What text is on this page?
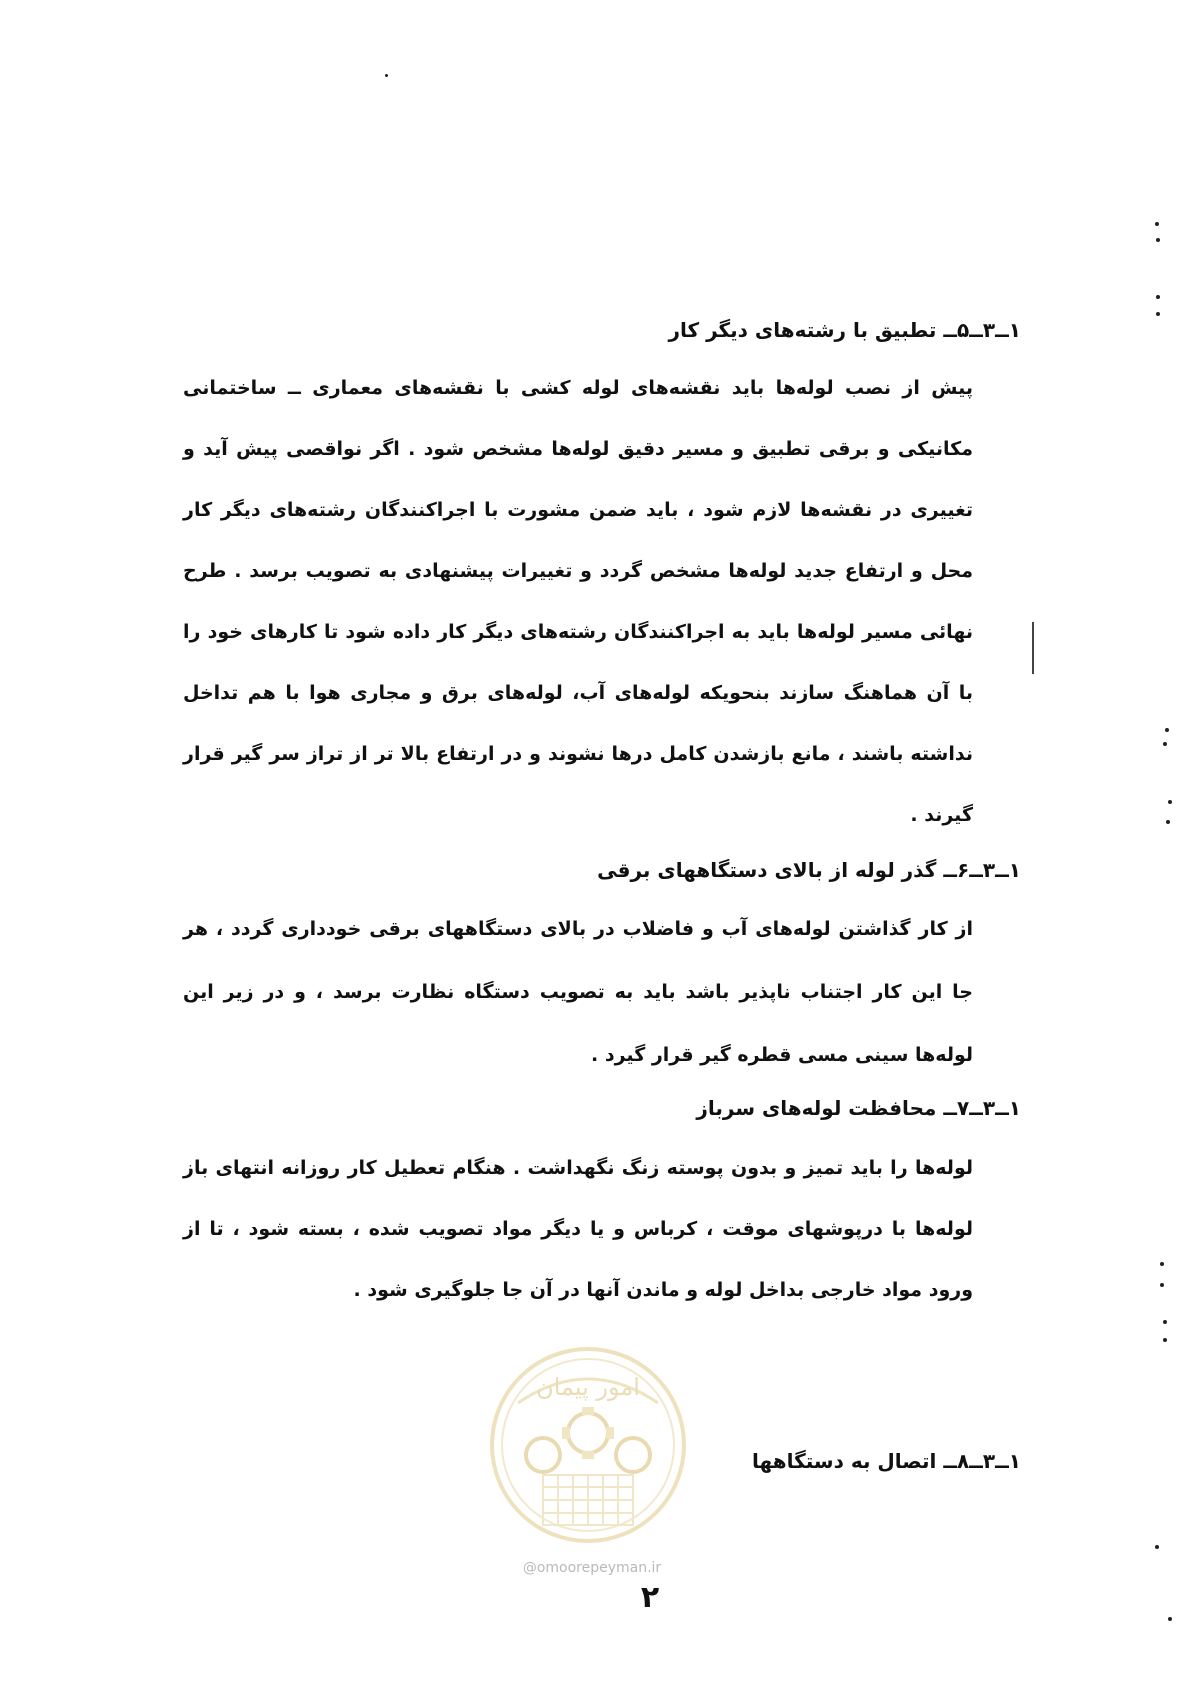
۱ــ۳ــ۵ــ تطبیق با رشته‌های دیگر کار
پیش از نصب لوله‌ها باید نقشه‌های لوله کشی با نقشه‌های معماری ــ ساختمانی مکانیکی و برقی تطبیق و مسیر دقیق لوله‌ها مشخص شود . اگر نواقصی پیش آید و تغییری در نقشه‌ها لازم شود ، باید ضمن مشورت با اجراکنندگان رشته‌های دیگر کار محل و ارتفاع جدید لوله‌ها مشخص گردد و تغییرات پیشنهادی به تصویب برسد . طرح نهائی مسیر لوله‌ها باید به اجراکنندگان رشته‌های دیگر کار داده شود تا کارهای خود را با آن هماهنگ سازند بنحویکه لوله‌های آب، لوله‌های برق و مجاری هوا با هم تداخل نداشته باشند ، مانع بازشدن کامل درها نشوند و در ارتفاع بالا تر از تراز سر گیر قرار گیرند .
۱ــ۳ــ۶ــ گذر لوله از بالای دستگاههای برقی
از کار گذاشتن لوله‌های آب و فاضلاب در بالای دستگاههای برقی خودداری گردد ، هر جا این کار اجتناب ناپذیر باشد باید به تصویب دستگاه نظارت برسد ، و در زیر این لوله‌ها سینی مسی قطره گیر قرار گیرد .
۱ــ۳ــ۷ــ محافظت لوله‌های سرباز
لوله‌ها را باید تمیز و بدون پوسته زنگ نگهداشت . هنگام تعطیل کار روزانه انتهای باز لوله‌ها با درپوشهای موقت ، کرباس و یا دیگر مواد تصویب شده ، بسته شود ، تا از ورود مواد خارجی بداخل لوله و ماندن آنها در آن جا جلوگیری شود .
۱ــ۳ــ۸ــ اتصال به دستگاهها
امور پیمان
@omoorepeyman.ir
۲
